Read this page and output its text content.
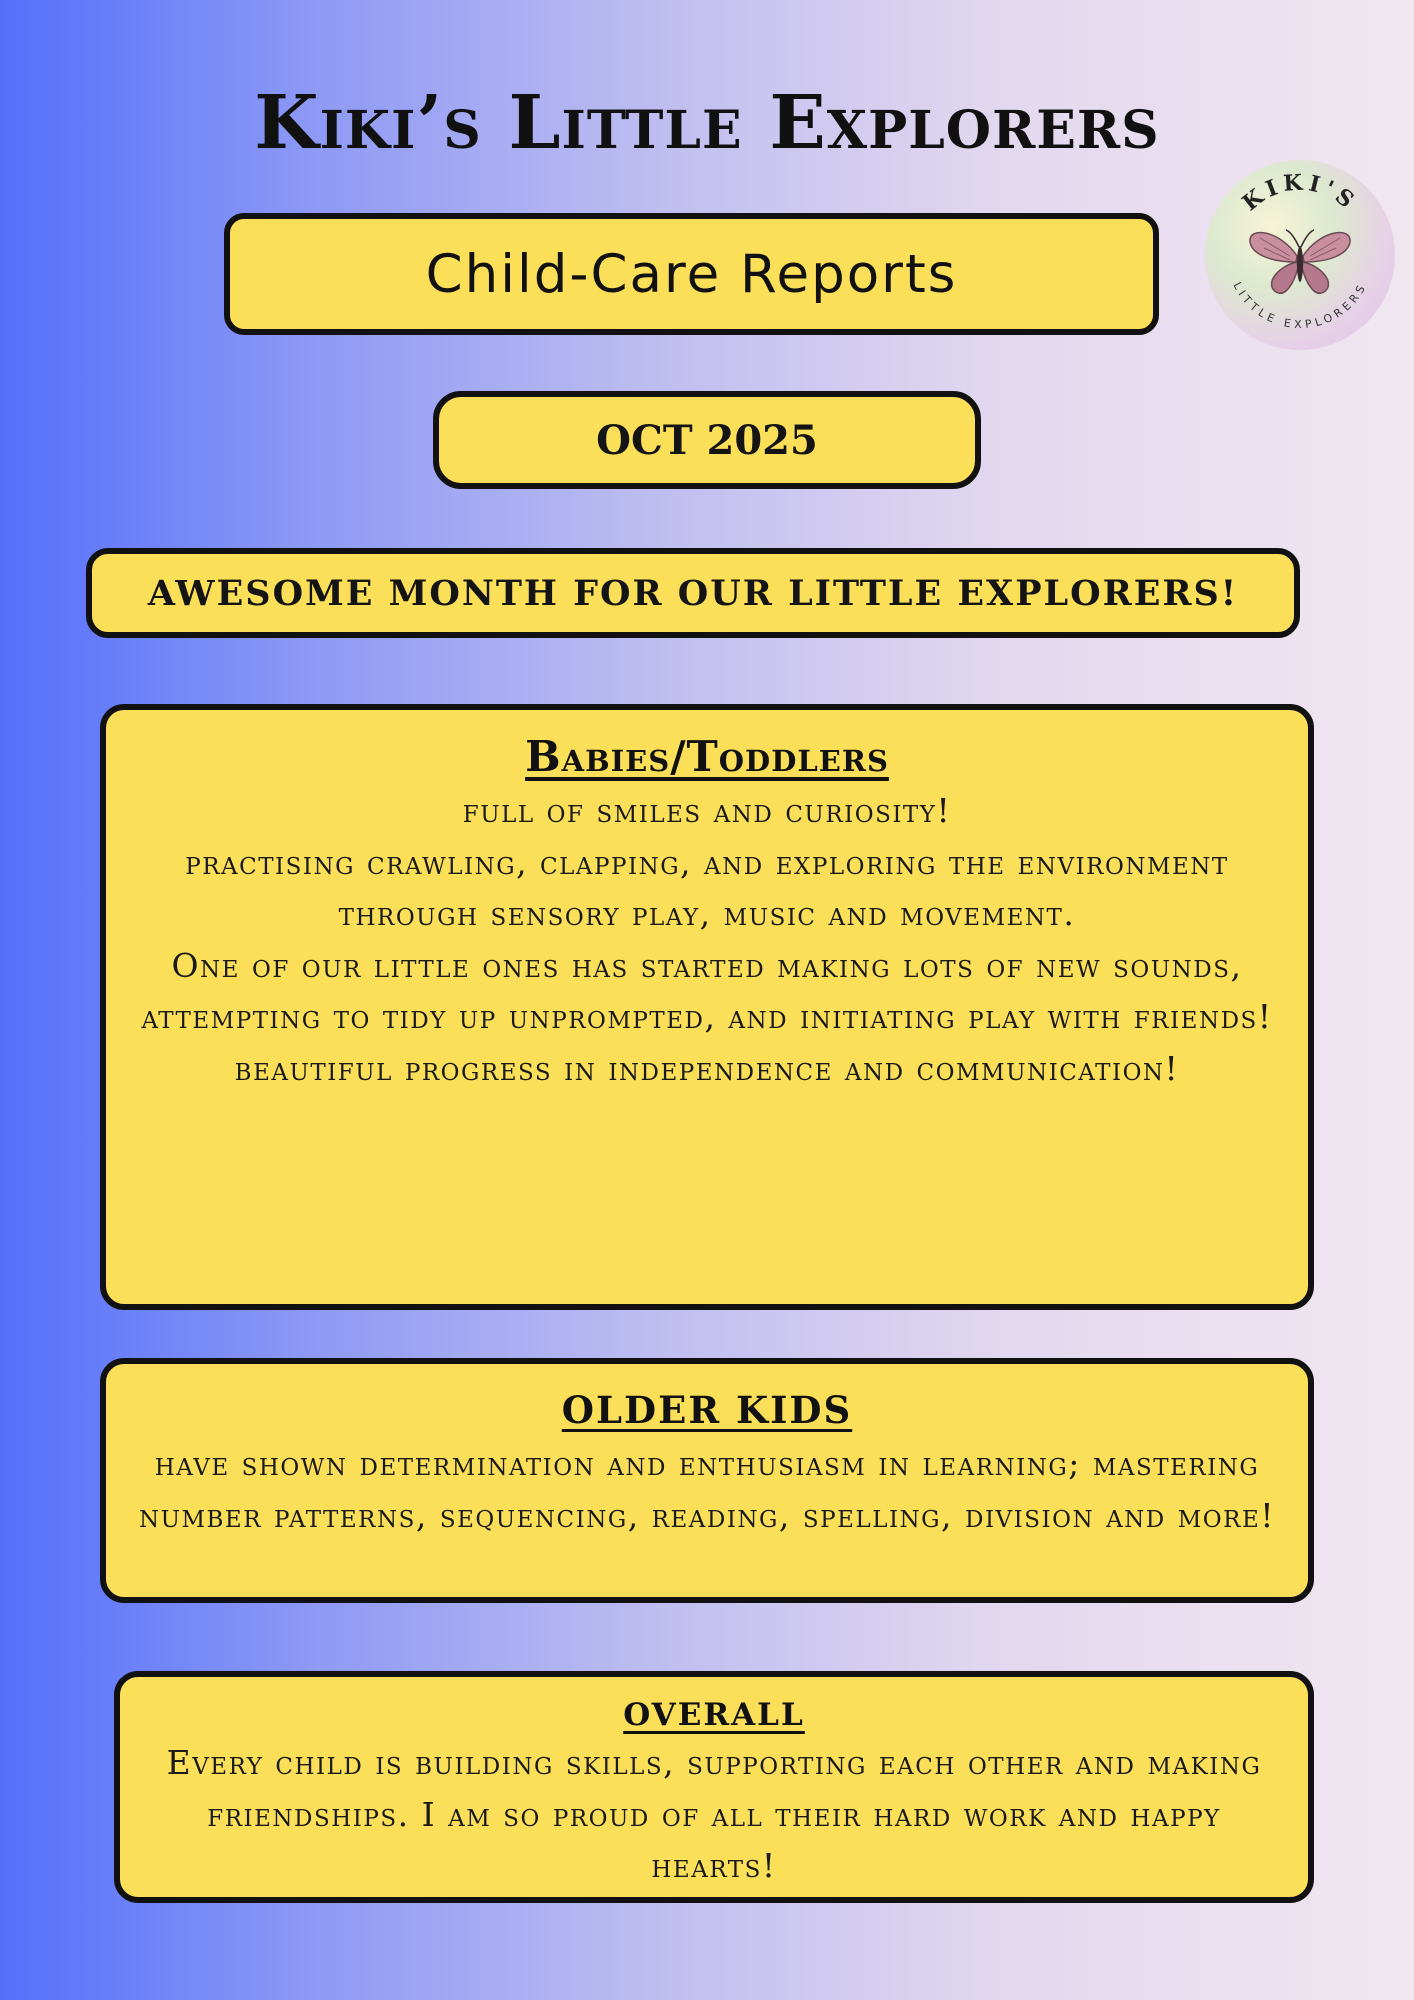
Kiki’s Little Explorers
KIKI'S
LITTLE EXPLORERS
Child-Care Reports
OCT 2025
AWESOME MONTH FOR OUR LITTLE EXPLORERS!
Babies/Toddlers

full of smiles and curiosity!

practising crawling, clapping, and exploring the environment through sensory play, music and movement.

One of our little ones has started making lots of new sounds, attempting to tidy up unprompted, and initiating play with friends!

beautiful progress in independence and communication!

OLDER KIDS

have shown determination and enthusiasm in learning; mastering number patterns, sequencing, reading, spelling, division and more!

OVERALL

Every child is building skills, supporting each other and making friendships. I am so proud of all their hard work and happy hearts!
